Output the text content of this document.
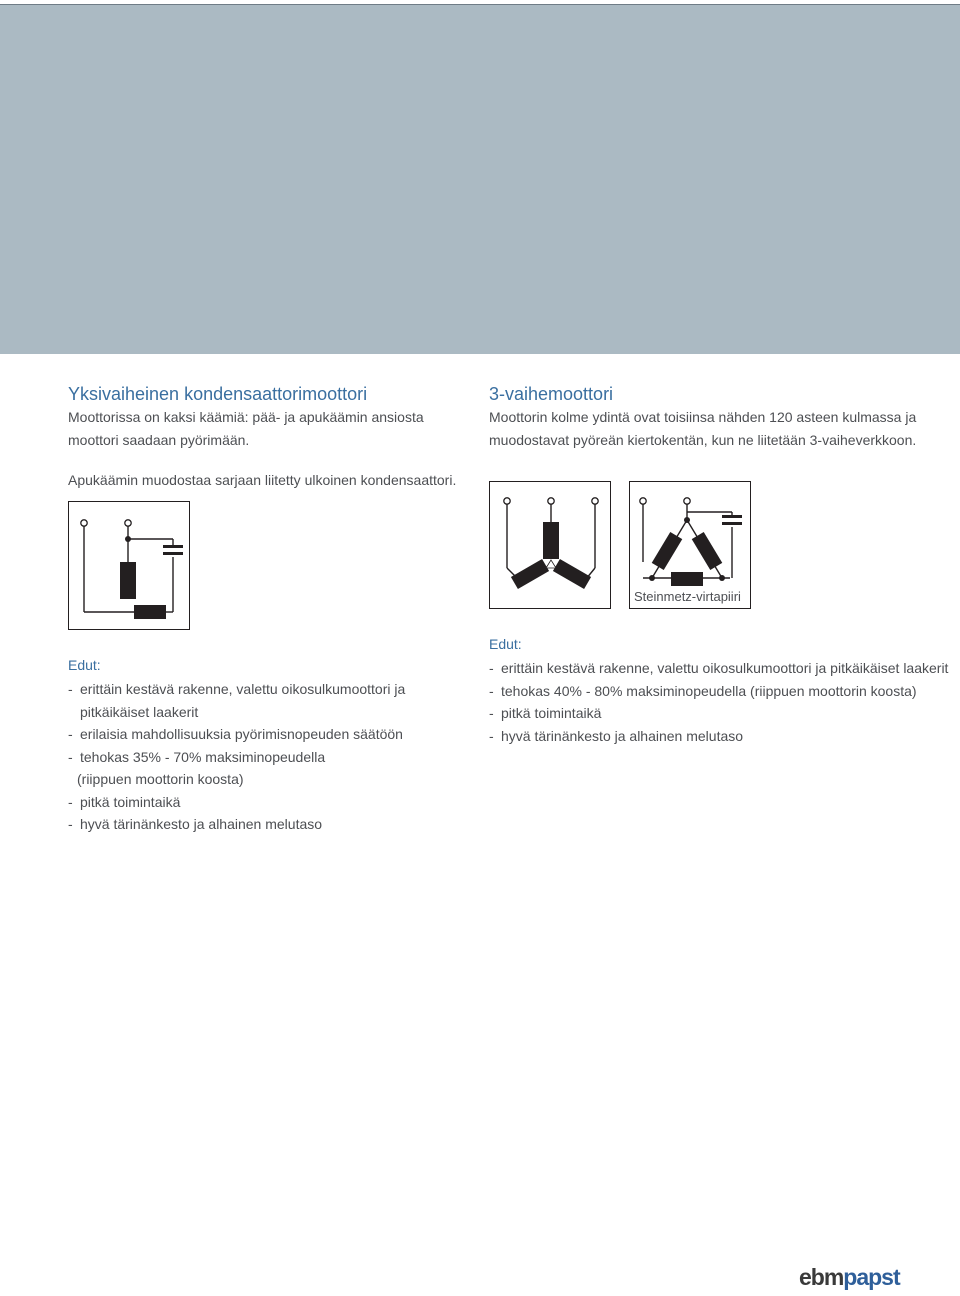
Yksivaiheinen kondensaattorimoottori
Moottorissa on kaksi käämiä: pää- ja apukäämin ansiosta
moottori saadaan pyörimään.
Apukäämin muodostaa sarjaan liitetty ulkoinen kondensaattori.
3-vaihemoottori
Moottorin kolme ydintä ovat toisiinsa nähden 120 asteen kulmassa ja
muodostavat pyöreän kiertokentän, kun ne liitetään 3-vaiheverkkoon.
Steinmetz-virtapiiri
Edut:
- erittäin kestävä rakenne, valettu oikosulkumoottori ja
pitkäikäiset laakerit
- erilaisia mahdollisuuksia pyörimisnopeuden säätöön
- tehokas 35% - 70% maksiminopeudella
(riippuen moottorin koosta)
- pitkä toimintaikä
- hyvä tärinänkesto ja alhainen melutaso
Edut:
- erittäin kestävä rakenne, valettu oikosulkumoottori ja pitkäikäiset laakerit
- tehokas 40% - 80% maksiminopeudella (riippuen moottorin koosta)
- pitkä toimintaikä
- hyvä tärinänkesto ja alhainen melutaso
ebmpapst
